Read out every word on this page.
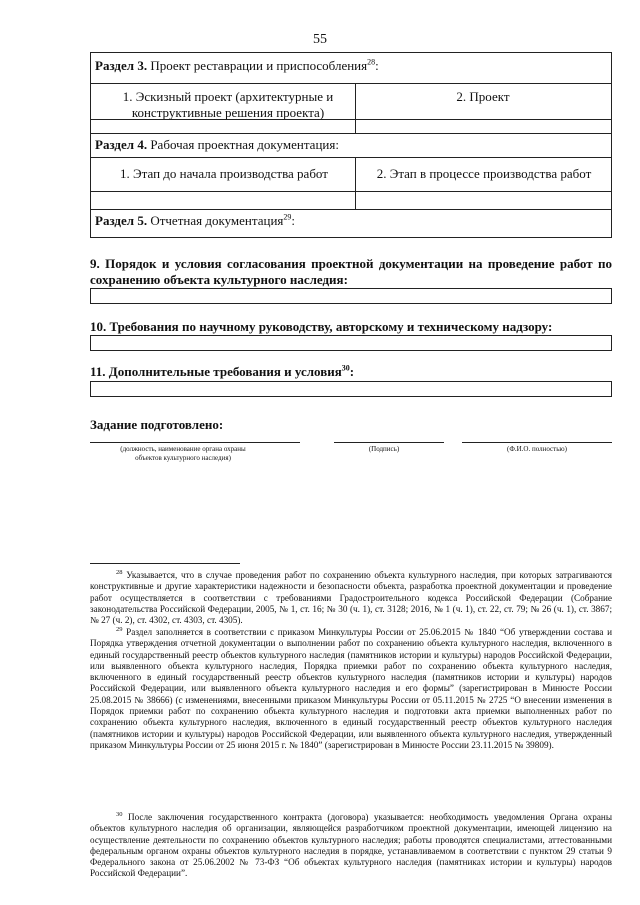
55
Раздел 3. Проект реставрации и приспособления$^{28}$:
1. Эскизный проект (архитектурные и конструктивные решения проекта)
2. Проект
Раздел 4. Рабочая проектная документация:
1. Этап до начала производства работ	2. Этап в процессе производства работ
Раздел 5. Отчетная документация$^{29}$:
9. Порядок и условия согласования проектной документации на проведение работ по сохранению объекта культурного наследия:
10. Требования по научному руководству, авторскому и техническому надзору:
11. Дополнительные требования и условия$^{30}$:
Задание подготовлено:
(должность, наименование органа охраны объектов культурного наследия)
(Подпись)	(Ф.И.О. полностью)
$^{28}$ Указывается, что в случае проведения работ по сохранению объекта культурного наследия, при которых затрагиваются конструктивные и другие характеристики надежности и безопасности объекта, разработка проектной документации и проведение работ осуществляется в соответствии с требованиями Градостроительного кодекса Российской Федерации (Собрание законодательства Российской Федерации, 2005, № 1, ст. 16; № 30 (ч. 1), ст. 3128; 2016, № 1 (ч. 1), ст. 22, ст. 79; № 26 (ч. 1), ст. 3867; № 27 (ч. 2), ст. 4302, ст. 4303, ст. 4305).
$^{29}$ Раздел заполняется в соответствии с приказом Минкультуры России от 25.06.2015 № 1840 “Об утверждении состава и Порядка утверждения отчетной документации о выполнении работ по сохранению объекта культурного наследия, включенного в единый государственный реестр объектов культурного наследия (памятников истории и культуры) народов Российской Федерации, или выявленного объекта культурного наследия, Порядка приемки работ по сохранению объекта культурного наследия, включенного в единый государственный реестр объектов культурного наследия (памятников истории и культуры) народов Российской Федерации, или выявленного объекта культурного наследия и его формы” (зарегистрирован в Минюсте России 25.08.2015 № 38666) (с изменениями, внесенными приказом Минкультуры России от 05.11.2015 № 2725 “О внесении изменения в Порядок приемки работ по сохранению объекта культурного наследия и подготовки акта приемки выполненных работ по сохранению объекта культурного наследия, включенного в единый государственный реестр объектов культурного наследия (памятников истории и культуры) народов Российской Федерации, или выявленного объекта культурного наследия, утвержденный приказом Минкультуры России от 25 июня 2015 г. № 1840” (зарегистрирован в Минюсте России 23.11.2015 № 39809).
$^{30}$ После заключения государственного контракта (договора) указывается: необходимость уведомления Органа охраны объектов культурного наследия об организации, являющейся разработчиком проектной документации, имеющей лицензию на осуществление деятельности по сохранению объектов культурного наследия; работы проводятся специалистами, аттестованными федеральным органом охраны объектов культурного наследия в порядке, устанавливаемом в соответствии с пунктом 29 статьи 9 Федерального закона от 25.06.2002 № 73-ФЗ “Об объектах культурного наследия (памятниках истории и культуры) народов Российской Федерации”.
